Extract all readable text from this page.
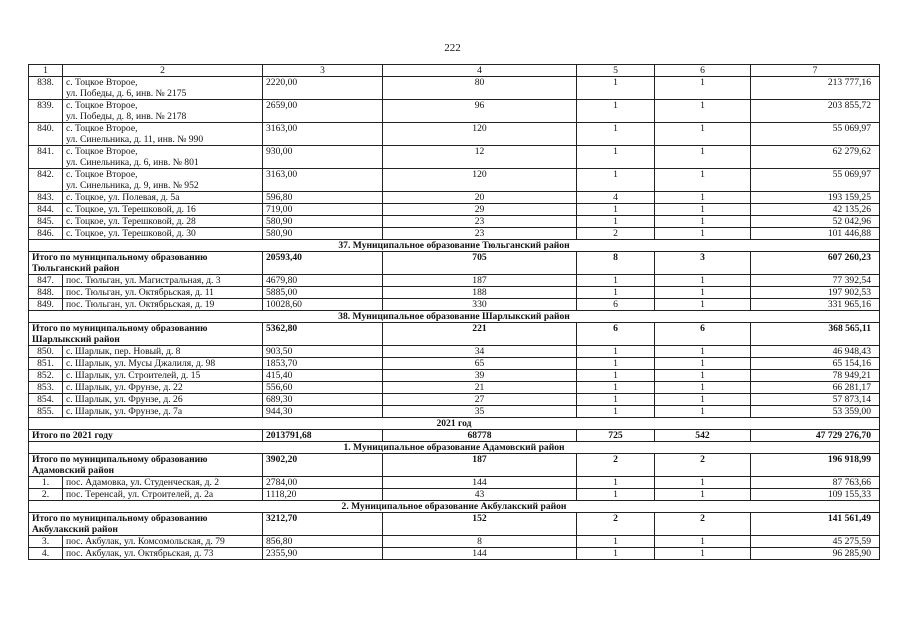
222
1	2	3	4	5	6	7
838.	с. Тоцкое Второе,
ул. Победы, д. 6, инв. № 2175	2220,00	80	1	1	213 777,16
839.	с. Тоцкое Второе,
ул. Победы, д. 8, инв. № 2178	2659,00	96	1	1	203 855,72
840.	с. Тоцкое Второе,
ул. Синельника, д. 11, инв. № 990	3163,00	120	1	1	55 069,97
841.	с. Тоцкое Второе,
ул. Синельника, д. 6, инв. № 801	930,00	12	1	1	62 279,62
842.	с. Тоцкое Второе,
ул. Синельника, д. 9, инв. № 952	3163,00	120	1	1	55 069,97
843.	с. Тоцкое, ул. Полевая, д. 5а	596,80	20	4	1	193 159,25
844.	с. Тоцкое, ул. Терешковой, д. 16	719,00	29	1	1	42 135,26
845.	с. Тоцкое, ул. Терешковой, д. 28	580,90	23	1	1	52 042,96
846.	с. Тоцкое, ул. Терешковой, д. 30	580,90	23	2	1	101 446,88
37. Муниципальное образование Тюльганский район						
Итого по муниципальному образованию
Тюльганский район		20593,40	705	8	3	607 260,23
847.	пос. Тюльган, ул. Магистральная, д. 3	4679,80	187	1	1	77 392,54
848.	пос. Тюльган, ул. Октябрьская, д. 11	5885,00	188	1	1	197 902,53
849.	пос. Тюльган, ул. Октябрьская, д. 19	10028,60	330	6	1	331 965,16
38. Муниципальное образование Шарлыкский район						
Итого по муниципальному образованию
Шарлыкский район		5362,80	221	6	6	368 565,11
850.	с. Шарлык, пер. Новый, д. 8	903,50	34	1	1	46 948,43
851.	с. Шарлык, ул. Мусы Джалиля, д. 98	1853,70	65	1	1	65 154,16
852.	с. Шарлык, ул. Строителей, д. 15	415,40	39	1	1	78 949,21
853.	с. Шарлык, ул. Фрунзе, д. 22	556,60	21	1	1	66 281,17
854.	с. Шарлык, ул. Фрунзе, д. 26	689,30	27	1	1	57 873,14
855.	с. Шарлык, ул. Фрунзе, д. 7а	944,30	35	1	1	53 359,00
2021 год						
Итого по 2021 году		2013791,68	68778	725	542	47 729 276,70
1. Муниципальное образование Адамовский район						
Итого по муниципальному образованию
Адамовский район		3902,20	187	2	2	196 918,99
1.	пос. Адамовка, ул. Студенческая, д. 2	2784,00	144	1	1	87 763,66
2.	пос. Теренсай, ул. Строителей, д. 2а	1118,20	43	1	1	109 155,33
2. Муниципальное образование Акбулакский район						
Итого по муниципальному образованию
Акбулакский район		3212,70	152	2	2	141 561,49
3.	пос. Акбулак, ул. Комсомольская, д. 79	856,80	8	1	1	45 275,59
4.	пос. Акбулак, ул. Октябрьская, д. 73	2355,90	144	1	1	96 285,90
